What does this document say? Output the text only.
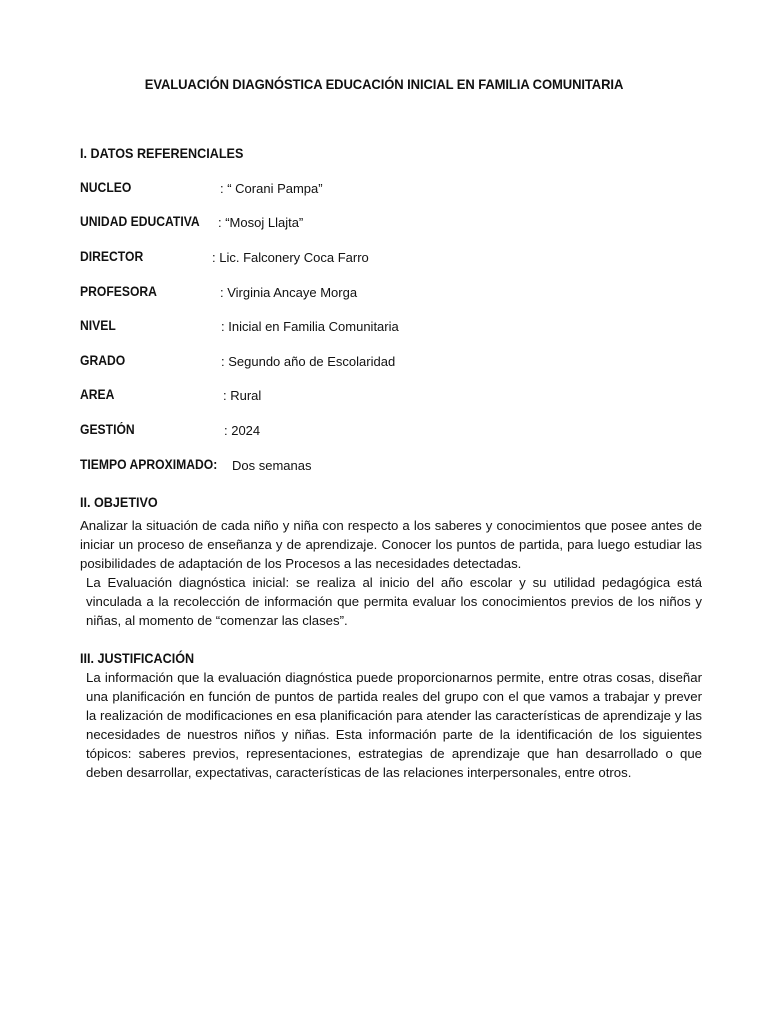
EVALUACIÓN DIAGNÓSTICA EDUCACIÓN INICIAL EN FAMILIA COMUNITARIA
I. DATOS REFERENCIALES
NUCLEO	: “ Corani Pampa”
UNIDAD EDUCATIVA : “Mosoj Llajta”
DIRECTOR	: Lic. Falconery Coca Farro
PROFESORA	: Virginia Ancaye Morga
NIVEL	: Inicial en Familia Comunitaria
GRADO	: Segundo año de Escolaridad
AREA	: Rural
GESTIÓN	: 2024
TIEMPO APROXIMADO: Dos semanas
II. OBJETIVO

Analizar la situación de cada niño y niña con respecto a los saberes y conocimientos que posee antes de iniciar un proceso de enseñanza y de aprendizaje. Conocer los puntos de partida, para luego estudiar las posibilidades de adaptación de los Procesos a las necesidades detectadas.

La Evaluación diagnóstica inicial: se realiza al inicio del año escolar y su utilidad pedagógica está vinculada a la recolección de información que permita evaluar los conocimientos previos de los niños y niñas, al momento de “comenzar las clases”.

III. JUSTIFICACIÓN

La información que la evaluación diagnóstica puede proporcionarnos permite, entre otras cosas, diseñar una planificación en función de puntos de partida reales del grupo con el que vamos a trabajar y prever la realización de modificaciones en esa planificación para atender las características de aprendizaje y las necesidades de nuestros niños y niñas. Esta información parte de la identificación de los siguientes tópicos: saberes previos, representaciones, estrategias de aprendizaje que han desarrollado o que deben desarrollar, expectativas, características de las relaciones interpersonales, entre otros.
